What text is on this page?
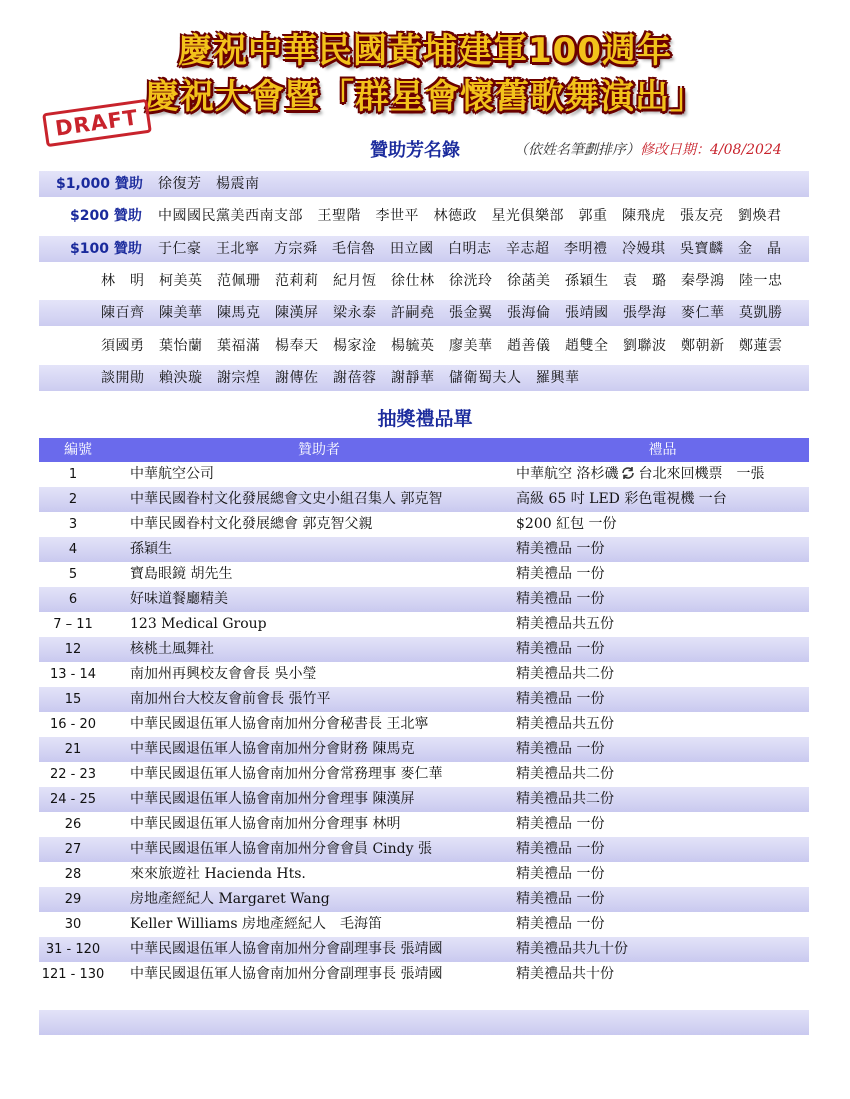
慶祝中華民國黃埔建軍100週年
慶祝大會暨「群星會懷舊歌舞演出」
DRAFT
贊助芳名錄	（依姓名筆劃排序）修改日期：4/08/2024
$1,000 贊助 徐復芳　楊震南
$200 贊助 中國國民黨美西南支部　王聖階　李世平　林德政　星光俱樂部　郭重　陳飛虎　張友亮　劉煥君
$100 贊助 于仁豪　王北寧　方宗舜　毛信魯　田立國　白明志　辛志超　李明禮　冷嫚琪　吳寶麟　金　晶
林　明　柯美英　范佩珊　范莉莉　紀月恆　徐仕林　徐洸玲　徐菡美　孫穎生　袁　璐　秦學鴻　陸一忠
陳百齊　陳美華　陳馬克　陳漢屏　梁永泰　許嗣堯　張金翼　張海倫　張靖國　張學海　麥仁華　莫凱勝
須國勇　葉怡蘭　葉福滿　楊奉天　楊家淦　楊毓英　廖美華　趙善儀　趙雙全　劉聯波　鄭朝新　鄭蓮雲
談開勛　賴泱璇　謝宗煌　謝傳佐　謝蓓蓉　謝靜華　儲衛蜀夫人　羅興華
抽獎禮品單
編號	贊助者	禮品
1	中華航空公司	中華航空 洛杉磯 台北來回機票　一張
2	中華民國眷村文化發展總會文史小組召集人 郭克智	高級 65 吋 LED 彩色電視機 一台
3	中華民國眷村文化發展總會 郭克智父親	$200 紅包 一份
4	孫穎生	精美禮品 一份
5	寶島眼鏡 胡先生	精美禮品 一份
6	好味道餐廳精美	精美禮品 一份
7 – 11	123 Medical Group	精美禮品共五份
12	核桃土風舞社	精美禮品 一份
13 - 14	南加州再興校友會會長 吳小瑩	精美禮品共二份
15	南加州台大校友會前會長 張竹平	精美禮品 一份
16 - 20	中華民國退伍軍人協會南加州分會秘書長 王北寧	精美禮品共五份
21	中華民國退伍軍人協會南加州分會財務 陳馬克	精美禮品 一份
22 - 23	中華民國退伍軍人協會南加州分會常務理事 麥仁華	精美禮品共二份
24 - 25	中華民國退伍軍人協會南加州分會理事 陳漢屏	精美禮品共二份
26	中華民國退伍軍人協會南加州分會理事 林明	精美禮品 一份
27	中華民國退伍軍人協會南加州分會會員 Cindy 張	精美禮品 一份
28	來來旅遊社 Hacienda Hts.	精美禮品 一份
29	房地產經紀人 Margaret Wang	精美禮品 一份
30	Keller Williams 房地產經紀人　毛海笛	精美禮品 一份
31 - 120	中華民國退伍軍人協會南加州分會副理事長 張靖國	精美禮品共九十份
121 - 130 中華民國退伍軍人協會南加州分會副理事長 張靖國	精美禮品共十份
